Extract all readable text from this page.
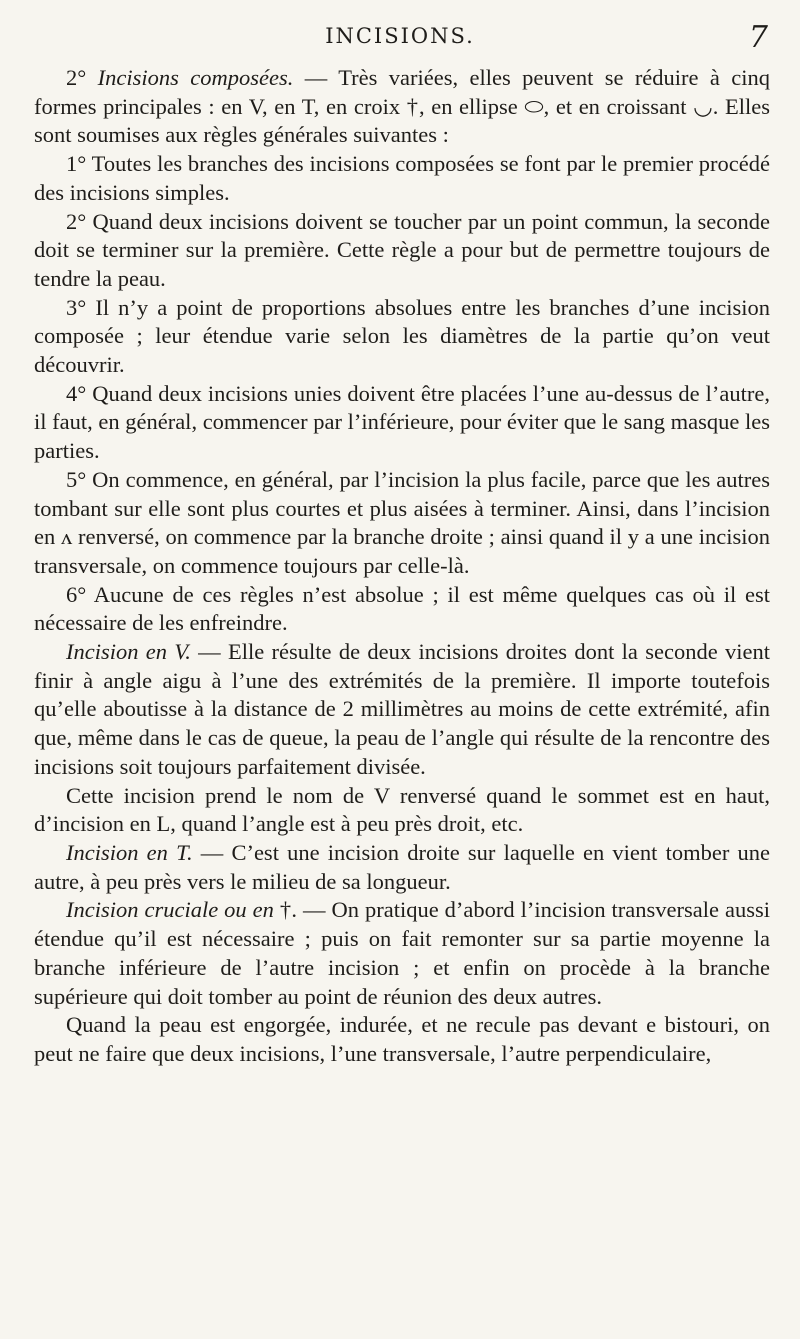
INCISIONS.	7

2° Incisions composées. — Très variées, elles peuvent se réduire à cinq formes principales : en V, en T, en croix †, en ellipse ⬭, et en croissant ◡. Elles sont soumises aux règles générales suivantes :

1° Toutes les branches des incisions composées se font par le premier procédé des incisions simples.

2° Quand deux incisions doivent se toucher par un point commun, la seconde doit se terminer sur la première. Cette règle a pour but de permettre toujours de tendre la peau.

3° Il n’y a point de proportions absolues entre les branches d’une incision composée ; leur étendue varie selon les diamètres de la partie qu’on veut découvrir.

4° Quand deux incisions unies doivent être placées l’une au-dessus de l’autre, il faut, en général, commencer par l’inférieure, pour éviter que le sang masque les parties.

5° On commence, en général, par l’incision la plus facile, parce que les autres tombant sur elle sont plus courtes et plus aisées à terminer. Ainsi, dans l’incision en ʌ renversé, on commence par la branche droite ; ainsi quand il y a une incision transversale, on commence toujours par celle-là.

6° Aucune de ces règles n’est absolue ; il est même quelques cas où il est nécessaire de les enfreindre.

Incision en V. — Elle résulte de deux incisions droites dont la seconde vient finir à angle aigu à l’une des extrémités de la première. Il importe toutefois qu’elle aboutisse à la distance de 2 millimètres au moins de cette extrémité, afin que, même dans le cas de queue, la peau de l’angle qui résulte de la rencontre des incisions soit toujours parfaitement divisée.

Cette incision prend le nom de V renversé quand le sommet est en haut, d’incision en L, quand l’angle est à peu près droit, etc.

Incision en T. — C’est une incision droite sur laquelle en vient tomber une autre, à peu près vers le milieu de sa longueur.

Incision cruciale ou en †. — On pratique d’abord l’incision transversale aussi étendue qu’il est nécessaire ; puis on fait remonter sur sa partie moyenne la branche inférieure de l’autre incision ; et enfin on procède à la branche supérieure qui doit tomber au point de réunion des deux autres.

Quand la peau est engorgée, indurée, et ne recule pas devant e bistouri, on peut ne faire que deux incisions, l’une transversale, l’autre perpendiculaire,
